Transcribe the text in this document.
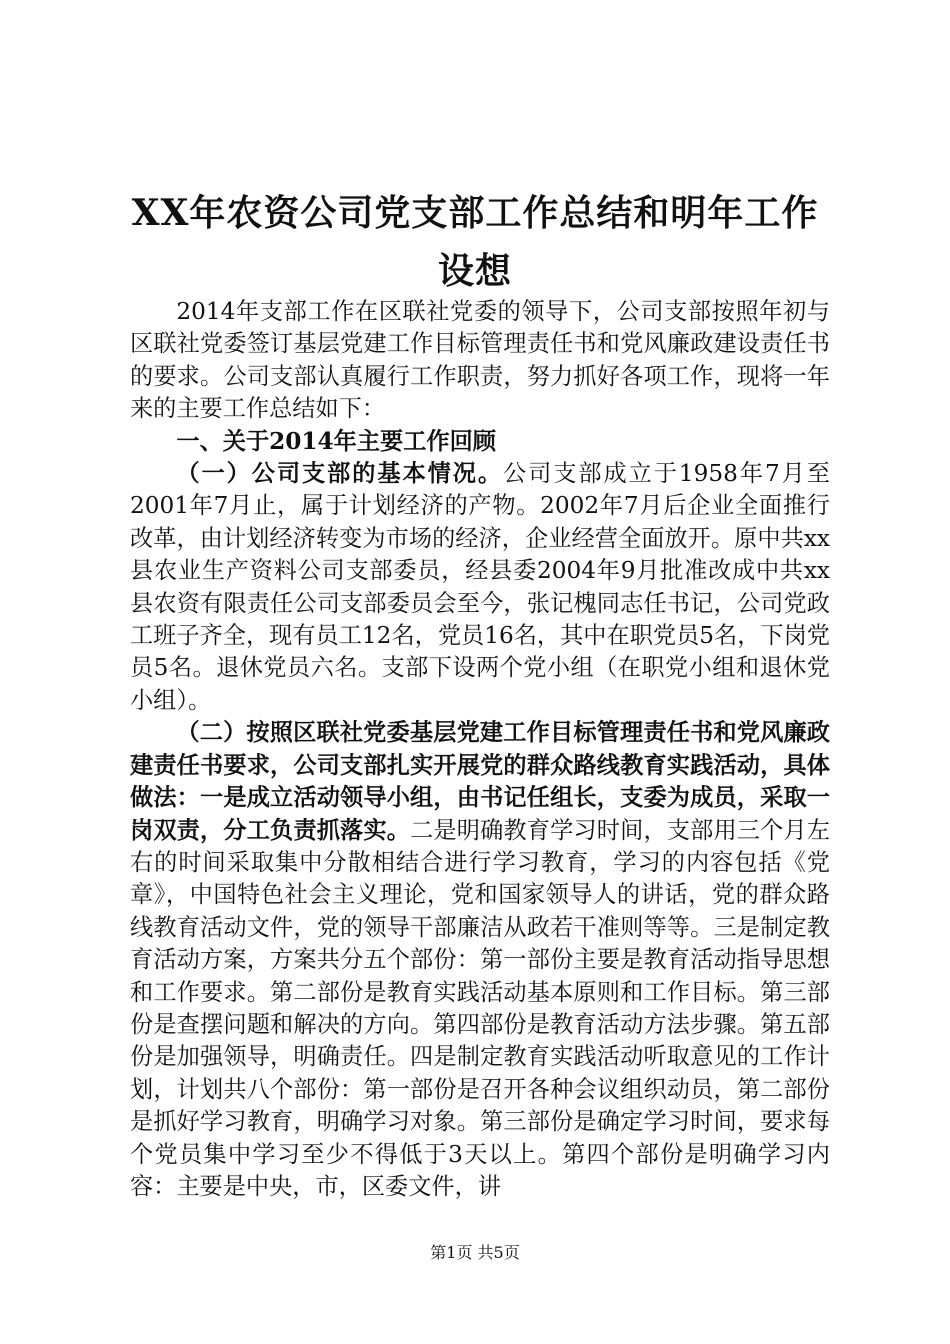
XX年农资公司党支部工作总结和明年工作设想

2014年支部工作在区联社党委的领导下，公司支部按照年初与区联社党委签订基层党建工作目标管理责任书和党风廉政建设责任书的要求。公司支部认真履行工作职责，努力抓好各项工作，现将一年来的主要工作总结如下：

一、关于2014年主要工作回顾

（一）公司支部的基本情况。公司支部成立于1958年7月至2001年7月止，属于计划经济的产物。2002年7月后企业全面推行改革，由计划经济转变为市场的经济，企业经营全面放开。原中共xx县农业生产资料公司支部委员，经县委2004年9月批准改成中共xx县农资有限责任公司支部委员会至今，张记槐同志任书记，公司党政工班子齐全，现有员工12名，党员16名，其中在职党员5名，下岗党员5名。退休党员六名。支部下设两个党小组（在职党小组和退休党小组）。

（二）按照区联社党委基层党建工作目标管理责任书和党风廉政建责任书要求，公司支部扎实开展党的群众路线教育实践活动，具体做法：一是成立活动领导小组，由书记任组长，支委为成员，采取一岗双责，分工负责抓落实。二是明确教育学习时间，支部用三个月左右的时间采取集中分散相结合进行学习教育，学习的内容包括《党章》，中国特色社会主义理论，党和国家领导人的讲话，党的群众路线教育活动文件，党的领导干部廉洁从政若干准则等等。三是制定教育活动方案，方案共分五个部份：第一部份主要是教育活动指导思想和工作要求。第二部份是教育实践活动基本原则和工作目标。第三部份是查摆问题和解决的方向。第四部份是教育活动方法步骤。第五部份是加强领导，明确责任。四是制定教育实践活动听取意见的工作计划，计划共八个部份：第一部份是召开各种会议组织动员，第二部份是抓好学习教育，明确学习对象。第三部份是确定学习时间，要求每个党员集中学习至少不得低于3天以上。第四个部份是明确学习内容：主要是中央，市，区委文件，讲

第1页 共5页
